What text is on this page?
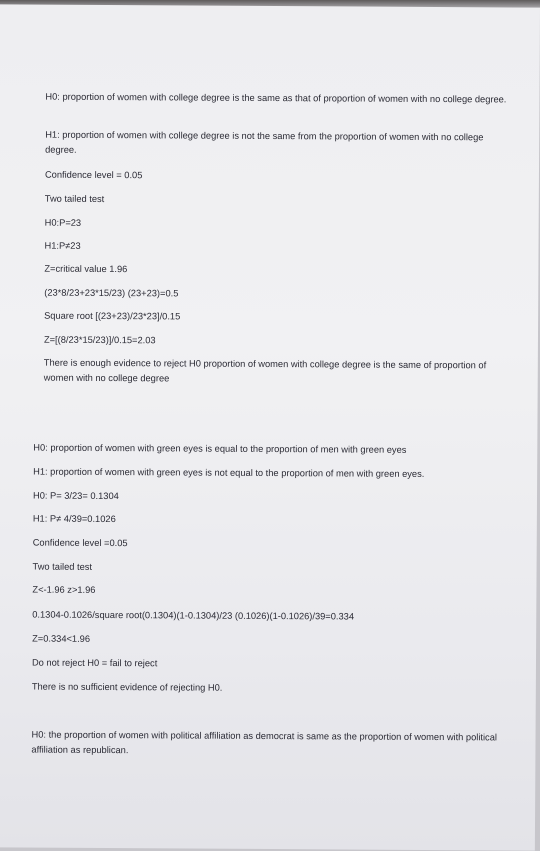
H0: proportion of women with college degree is the same as that of proportion of women with no college degree.
H1: proportion of women with college degree is not the same from the proportion of women with no college degree.
Confidence level = 0.05
Two tailed test
H0:P=23
H1:P≠23
Z=critical value 1.96
(23*8/23+23*15/23) (23+23)=0.5
Square root [(23+23)/23*23]/0.15
Z=[(8/23*15/23)]/0.15=2.03
There is enough evidence to reject H0 proportion of women with college degree is the same of proportion of women with no college degree
H0: proportion of women with green eyes is equal to the proportion of men with green eyes
H1: proportion of women with green eyes is not equal to the proportion of men with green eyes.
H0: P= 3/23= 0.1304
H1: P≠ 4/39=0.1026
Confidence level =0.05
Two tailed test
Z<-1.96 z>1.96
0.1304-0.1026/square root(0.1304)(1-0.1304)/23 (0.1026)(1-0.1026)/39=0.334
Z=0.334<1.96
Do not reject H0 = fail to reject
There is no sufficient evidence of rejecting H0.
H0: the proportion of women with political affiliation as democrat is same as the proportion of women with political affiliation as republican.
